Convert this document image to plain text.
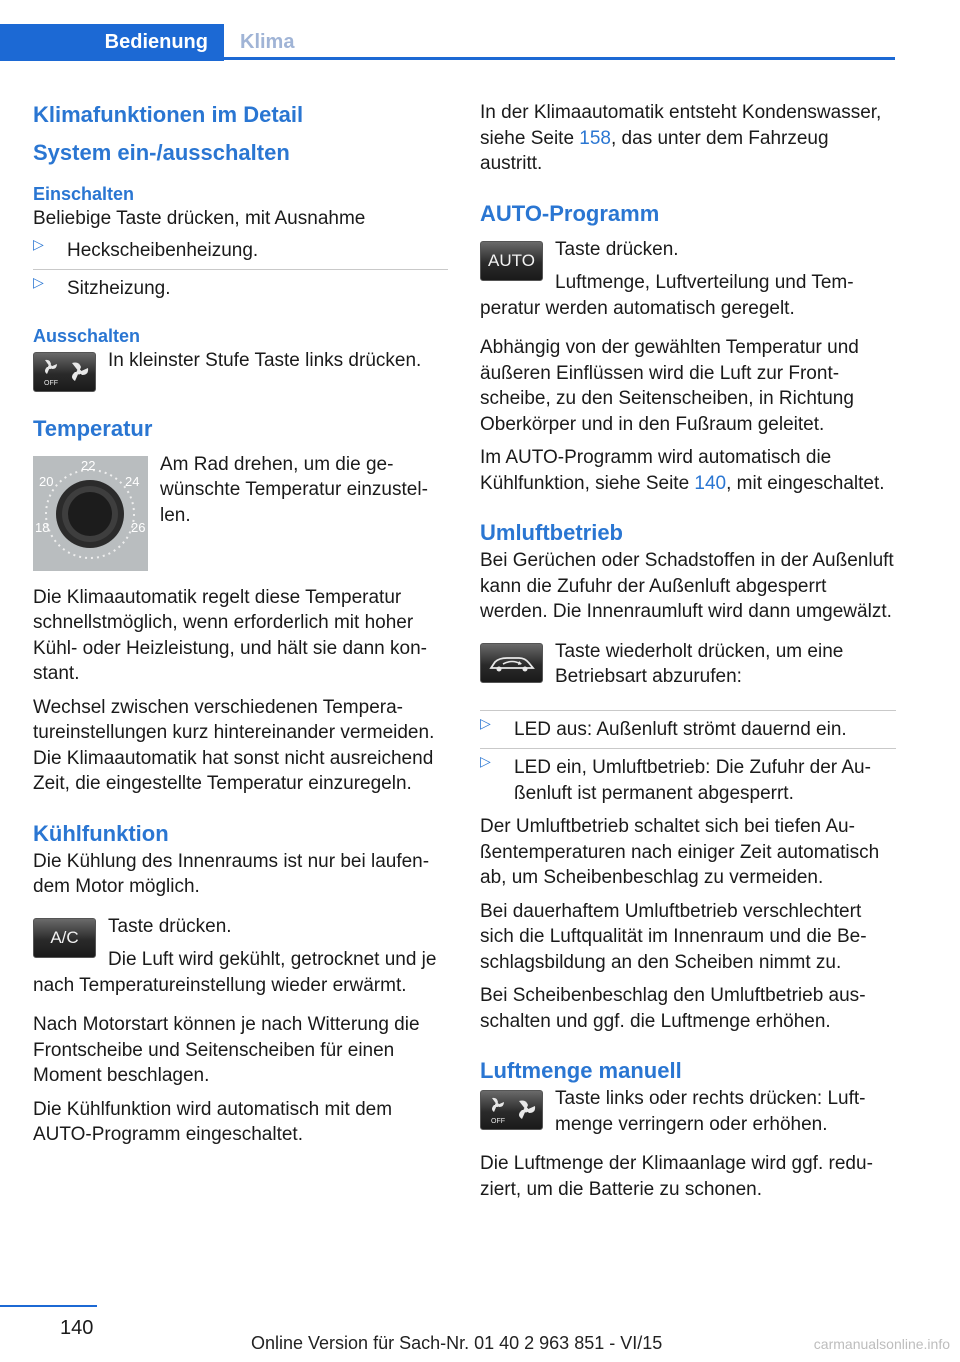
Bedienung	Klima
Klimafunktionen im Detail
System ein-/ausschalten
Einschalten

Beliebige Taste drücken, mit Ausnahme

▷ Heckscheibenheizung.
▷ Sitzheizung.
Ausschalten
OFF

In kleinster Stufe Taste links drücken.

Temperatur
22
20	24
18	26

Am Rad drehen, um die gewünschte Temperatur einzustellen.

Die Klimaautomatik regelt diese Temperatur schnellstmöglich, wenn erforderlich mit hoher Kühl- oder Heizleistung, und hält sie dann konstant.

Wechsel zwischen verschiedenen Temperatureinstellungen kurz hintereinander vermeiden. Die Klimaautomatik hat sonst nicht ausreichend Zeit, die eingestellte Temperatur einzuregeln.

Kühlfunktion

Die Kühlung des Innenraums ist nur bei laufendem Motor möglich.

A/C

Taste drücken.

Die Luft wird gekühlt, getrocknet und je nach Temperatureinstellung wieder erwärmt.

Nach Motorstart können je nach Witterung die Frontscheibe und Seitenscheiben für einen Moment beschlagen.

Die Kühlfunktion wird automatisch mit dem AUTO-Programm eingeschaltet.

In der Klimaautomatik entsteht Kondenswasser, siehe Seite 158, das unter dem Fahrzeug austritt.

AUTO-Programm
AUTO

Taste drücken.

Luftmenge, Luftverteilung und Temperatur werden automatisch geregelt.

Abhängig von der gewählten Temperatur und äußeren Einflüssen wird die Luft zur Frontscheibe, zu den Seitenscheiben, in Richtung Oberkörper und in den Fußraum geleitet.

Im AUTO-Programm wird automatisch die Kühlfunktion, siehe Seite 140, mit eingeschaltet.

Umluftbetrieb

Bei Gerüchen oder Schadstoffen in der Außenluft kann die Zufuhr der Außenluft abgesperrt werden. Die Innenraumluft wird dann umgewälzt.

Taste wiederholt drücken, um eine Betriebsart abzurufen:

▷ LED aus: Außenluft strömt dauernd ein.
▷ LED ein, Umluftbetrieb: Die Zufuhr der Außenluft ist permanent abgesperrt.

Der Umluftbetrieb schaltet sich bei tiefen Außentemperaturen nach einiger Zeit automatisch ab, um Scheibenbeschlag zu vermeiden.

Bei dauerhaftem Umluftbetrieb verschlechtert sich die Luftqualität im Innenraum und die Beschlagsbildung an den Scheiben nimmt zu.

Bei Scheibenbeschlag den Umluftbetrieb ausschalten und ggf. die Luftmenge erhöhen.

Luftmenge manuell
OFF

Taste links oder rechts drücken: Luftmenge verringern oder erhöhen.

Die Luftmenge der Klimaanlage wird ggf. reduziert, um die Batterie zu schonen.

140
Online Version für Sach-Nr. 01 40 2 963 851 - VI/15	carmanualsonline.info
